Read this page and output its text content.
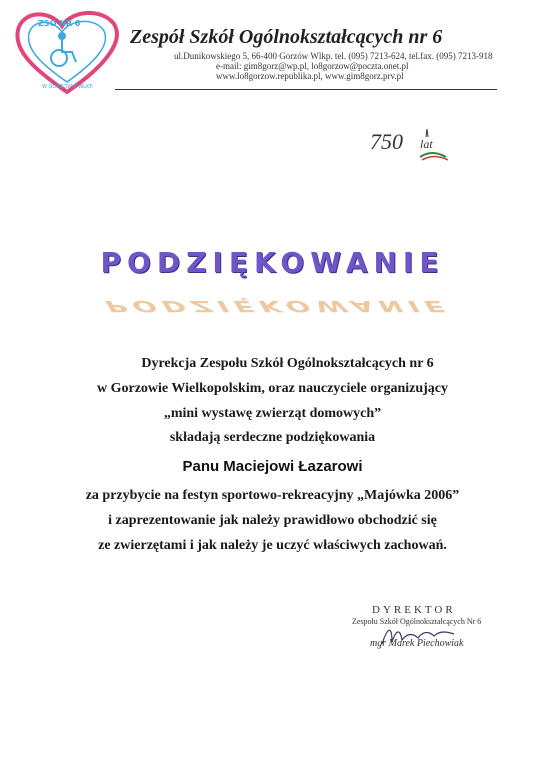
ZSO NR 6
W GORZOWIE WLKP.
Zespół Szkół Ogólnokształcących nr 6
ul.Dunikowskiego 5, 66-400 Gorzów Wlkp. tel. (095) 7213-624, tel.fax. (095) 7213-918
e-mail: gim8gorz@wp.pl, lo8gorzow@poczta.onet.pl
www.lo8gorzow.republika.pl, www.gim8gorz.prv.pl
750 lat
PODZIĘKOWANIE
PODZIĘKOWANIE
Dyrekcja Zespołu Szkół Ogólnokształcących nr 6
w Gorzowie Wielkopolskim, oraz nauczyciele organizujący
„mini wystawę zwierząt domowych”
składają serdeczne podziękowania
Panu Maciejowi Łazarowi
za przybycie na festyn sportowo-rekreacyjny „Majówka 2006”
i zaprezentowanie jak należy prawidłowo obchodzić się
ze zwierzętami i jak należy je uczyć właściwych zachowań.
DYREKTOR
Zespołu Szkół Ogólnokształcących Nr 6
mgr Marek Piechowiak
